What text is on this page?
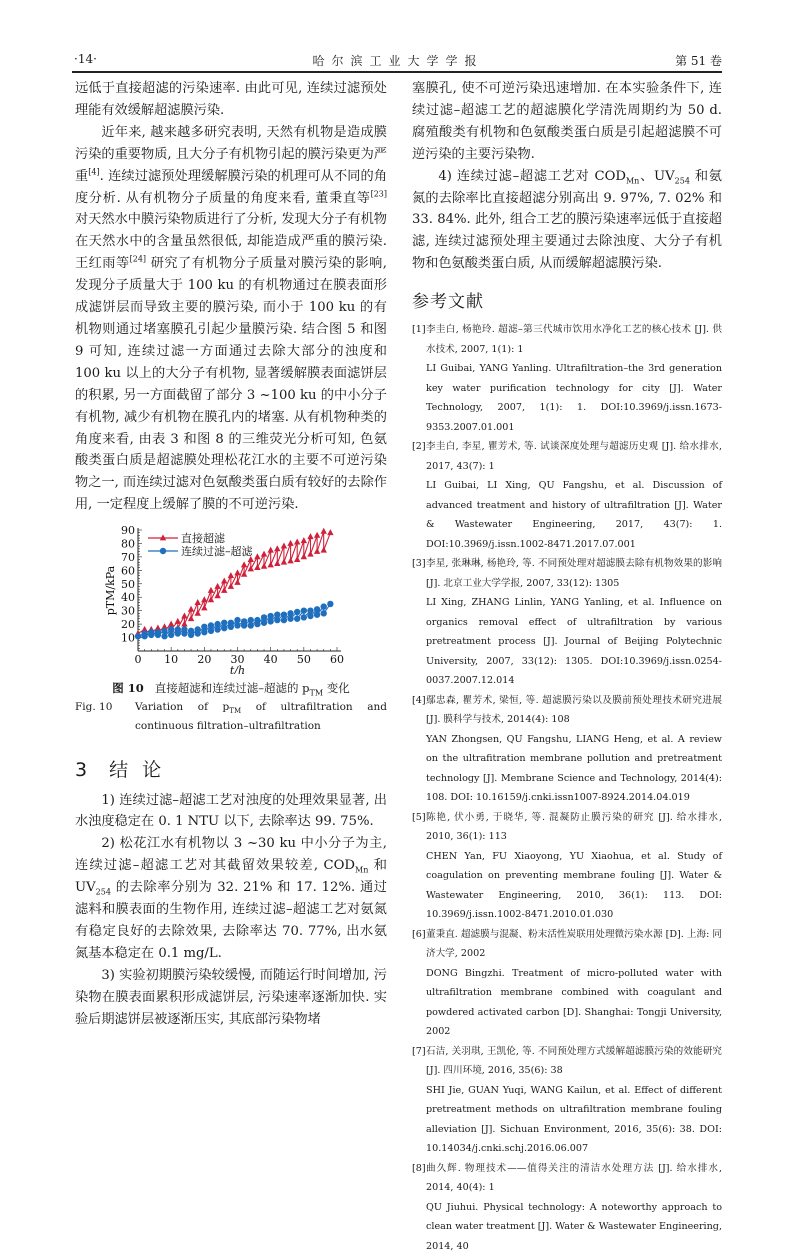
·14·	哈尔滨工业大学学报	第 51 卷

远低于直接超滤的污染速率. 由此可见, 连续过滤预处理能有效缓解超滤膜污染.

近年来, 越来越多研究表明, 天然有机物是造成膜污染的重要物质, 且大分子有机物引起的膜污染更为严重[4]. 连续过滤预处理缓解膜污染的机理可从不同的角度分析. 从有机物分子质量的角度来看, 董秉直等[23] 对天然水中膜污染物质进行了分析, 发现大分子有机物在天然水中的含量虽然很低, 却能造成严重的膜污染. 王红雨等[24] 研究了有机物分子质量对膜污染的影响, 发现分子质量大于 100 ku 的有机物通过在膜表面形成滤饼层而导致主要的膜污染, 而小于 100 ku 的有机物则通过堵塞膜孔引起少量膜污染. 结合图 5 和图 9 可知, 连续过滤一方面通过去除大部分的浊度和 100 ku 以上的大分子有机物, 显著缓解膜表面滤饼层的积累, 另一方面截留了部分 3 ~100 ku 的中小分子有机物, 减少有机物在膜孔内的堵塞. 从有机物种类的角度来看, 由表 3 和图 8 的三维荧光分析可知, 色氨酸类蛋白质是超滤膜处理松花江水的主要不可逆污染物之一, 而连续过滤对色氨酸类蛋白质有较好的去除作用, 一定程度上缓解了膜的不可逆污染.

10
20
30
40
50
60
70
80
90
0 10 20 30 40 50 60
t/h
pTM/kPa
直接超滤
连续过滤–超滤
图 10 直接超滤和连续过滤–超滤的 $p_{TM}$ 变化
Fig. 10	Variation of $p_{TM}$ of ultrafiltration and continuous filtration–ultrafiltration
3 结 论

1) 连续过滤–超滤工艺对浊度的处理效果显著, 出水浊度稳定在 0. 1 NTU 以下, 去除率达 99. 75%.

2) 松花江水有机物以 3 ~30 ku 中小分子为主, 连续过滤–超滤工艺对其截留效果较差, $COD_{Mn}$ 和 $UV_{254}$ 的去除率分别为 32. 21% 和 17. 12%. 通过滤料和膜表面的生物作用, 连续过滤–超滤工艺对氨氮有稳定良好的去除效果, 去除率达 70. 77%, 出水氨氮基本稳定在 0.1 mg/L.

3) 实验初期膜污染较缓慢, 而随运行时间增加, 污染物在膜表面累积形成滤饼层, 污染速率逐渐加快. 实验后期滤饼层被逐渐压实, 其底部污染物堵

塞膜孔, 使不可逆污染迅速增加. 在本实验条件下, 连续过滤–超滤工艺的超滤膜化学清洗周期约为 50 d. 腐殖酸类有机物和色氨酸类蛋白质是引起超滤膜不可逆污染的主要污染物.

4) 连续过滤–超滤工艺对 $COD_{Mn}$、$UV_{254}$ 和氨氮的去除率比直接超滤分别高出 9. 97%, 7. 02% 和 33. 84%. 此外, 组合工艺的膜污染速率远低于直接超滤, 连续过滤预处理主要通过去除浊度、大分子有机物和色氨酸类蛋白质, 从而缓解超滤膜污染.

参考文献

[1] 李圭白, 杨艳玲. 超滤–第三代城市饮用水净化工艺的核心技术 [J]. 供水技术, 2007, 1(1): 1
LI Guibai, YANG Yanling. Ultrafiltration–the 3rd generation key water purification technology for city [J]. Water Technology, 2007, 1(1): 1. DOI:10.3969/j.issn.1673-9353.2007.01.001

[2] 李圭白, 李星, 瞿芳术, 等. 试谈深度处理与超滤历史观 [J]. 给水排水, 2017, 43(7): 1
LI Guibai, LI Xing, QU Fangshu, et al. Discussion of advanced treatment and history of ultrafiltration [J]. Water & Wastewater Engineering, 2017, 43(7): 1. DOI:10.3969/j.issn.1002-8471.2017.07.001

[3] 李星, 张琳琳, 杨艳玲, 等. 不同预处理对超滤膜去除有机物效果的影响 [J]. 北京工业大学学报, 2007, 33(12): 1305
LI Xing, ZHANG Linlin, YANG Yanling, et al. Influence on organics removal effect of ultrafiltration by various pretreatment process [J]. Journal of Beijing Polytechnic University, 2007, 33(12): 1305. DOI:10.3969/j.issn.0254-0037.2007.12.014

[4] 鄢忠森, 瞿芳术, 梁恒, 等. 超滤膜污染以及膜前预处理技术研究进展 [J]. 膜科学与技术, 2014(4): 108
YAN Zhongsen, QU Fangshu, LIANG Heng, et al. A review on the ultrafitration membrane pollution and pretreatment technology [J]. Membrane Science and Technology, 2014(4): 108. DOI: 10.16159/j.cnki.issn1007-8924.2014.04.019

[5] 陈艳, 伏小勇, 于晓华, 等. 混凝防止膜污染的研究 [J]. 给水排水, 2010, 36(1): 113
CHEN Yan, FU Xiaoyong, YU Xiaohua, et al. Study of coagulation on preventing membrane fouling [J]. Water & Wastewater Engineering, 2010, 36(1): 113. DOI: 10.3969/j.issn.1002-8471.2010.01.030

[6] 董秉直. 超滤膜与混凝、粉末活性炭联用处理微污染水源 [D]. 上海: 同济大学, 2002
DONG Bingzhi. Treatment of micro-polluted water with ultrafiltration membrane combined with coagulant and powdered activated carbon [D]. Shanghai: Tongji University, 2002

[7] 石洁, 关羽琪, 王凯伦, 等. 不同预处理方式缓解超滤膜污染的效能研究 [J]. 四川环境, 2016, 35(6): 38
SHI Jie, GUAN Yuqi, WANG Kailun, et al. Effect of different pretreatment methods on ultrafiltration membrane fouling alleviation [J]. Sichuan Environment, 2016, 35(6): 38. DOI: 10.14034/j.cnki.schj.2016.06.007

[8] 曲久辉. 物理技术——值得关注的清洁水处理方法 [J]. 给水排水, 2014, 40(4): 1
QU Jiuhui. Physical technology: A noteworthy approach to clean water treatment [J]. Water & Wastewater Engineering, 2014, 40
